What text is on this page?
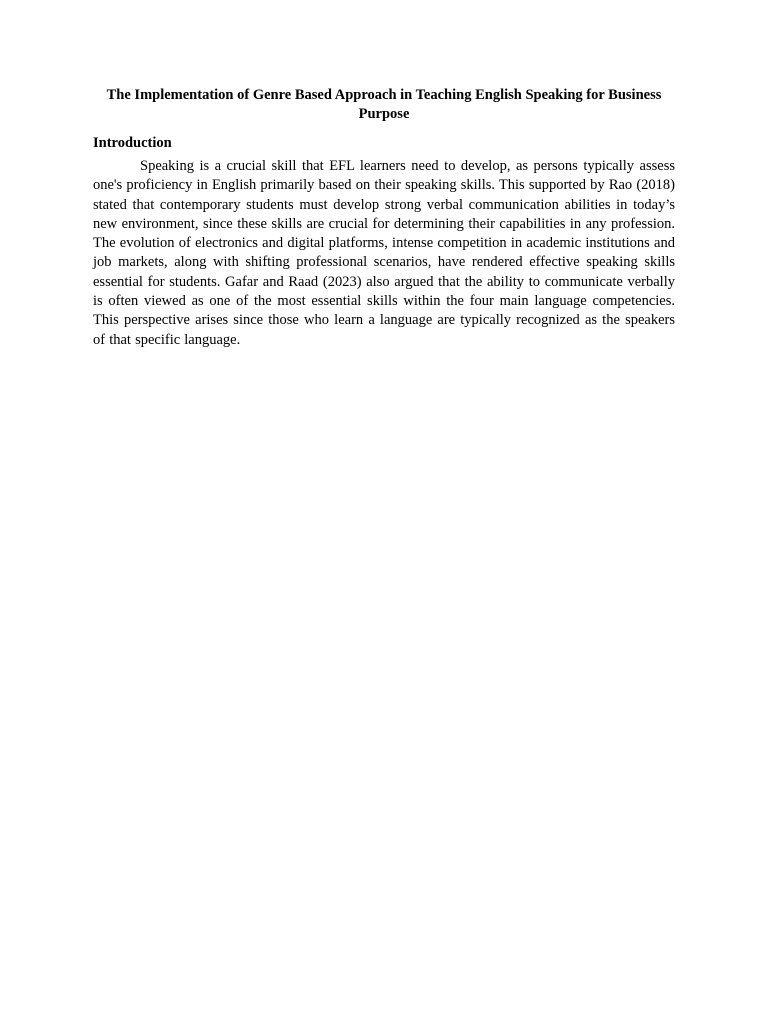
The Implementation of Genre Based Approach in Teaching English Speaking for Business Purpose
Introduction

Speaking is a crucial skill that EFL learners need to develop, as persons typically assess one's proficiency in English primarily based on their speaking skills. This supported by Rao (2018) stated that contemporary students must develop strong verbal communication abilities in today’s new environment, since these skills are crucial for determining their capabilities in any profession. The evolution of electronics and digital platforms, intense competition in academic institutions and job markets, along with shifting professional scenarios, have rendered effective speaking skills essential for students. Gafar and Raad (2023) also argued that the ability to communicate verbally is often viewed as one of the most essential skills within the four main language competencies. This perspective arises since those who learn a language are typically recognized as the speakers of that specific language.
